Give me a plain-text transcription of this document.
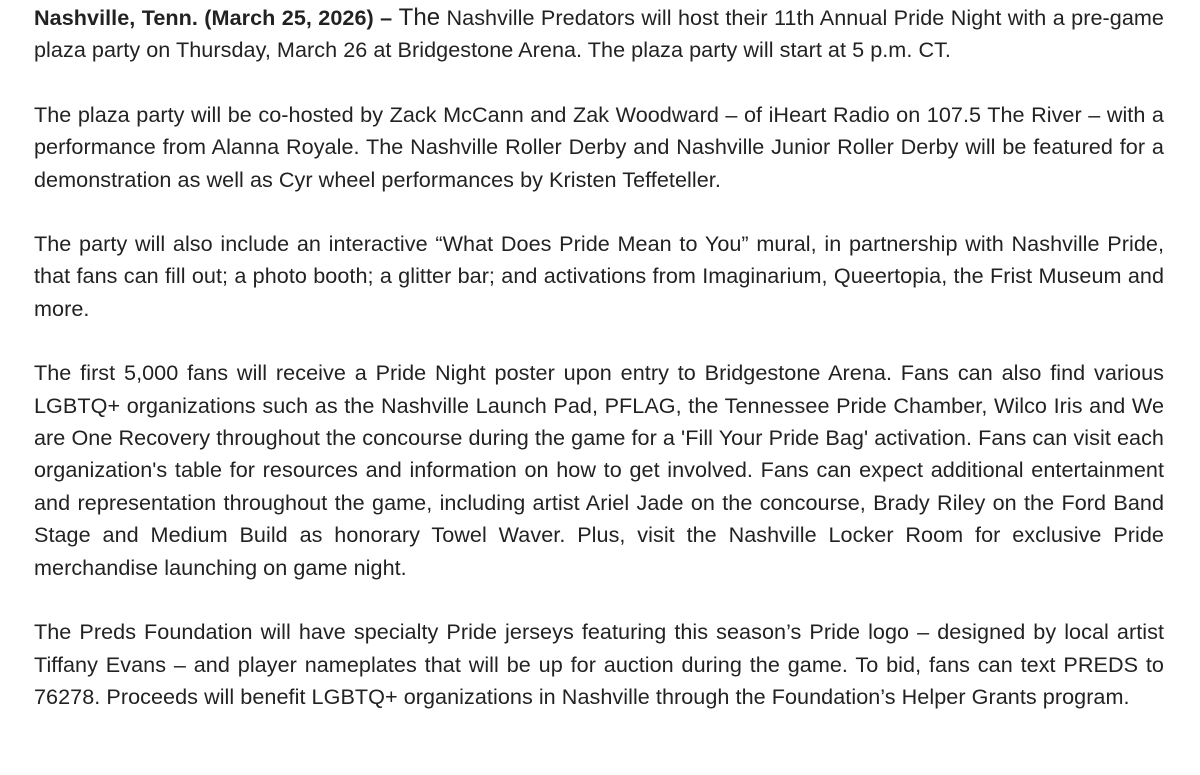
Nashville, Tenn. (March 25, 2026) – The Nashville Predators will host their 11th Annual Pride Night with a pre-game plaza party on Thursday, March 26 at Bridgestone Arena. The plaza party will start at 5 p.m. CT.

The plaza party will be co-hosted by Zack McCann and Zak Woodward – of iHeart Radio on 107.5 The River – with a performance from Alanna Royale. The Nashville Roller Derby and Nashville Junior Roller Derby will be featured for a demonstration as well as Cyr wheel performances by Kristen Teffeteller.

The party will also include an interactive “What Does Pride Mean to You” mural, in partnership with Nashville Pride, that fans can fill out; a photo booth; a glitter bar; and activations from Imaginarium, Queertopia, the Frist Museum and more.

The first 5,000 fans will receive a Pride Night poster upon entry to Bridgestone Arena. Fans can also find various LGBTQ+ organizations such as the Nashville Launch Pad, PFLAG, the Tennessee Pride Chamber, Wilco Iris and We are One Recovery throughout the concourse during the game for a 'Fill Your Pride Bag' activation. Fans can visit each organization's table for resources and information on how to get involved. Fans can expect additional entertainment and representation throughout the game, including artist Ariel Jade on the concourse, Brady Riley on the Ford Band Stage and Medium Build as honorary Towel Waver. Plus, visit the Nashville Locker Room for exclusive Pride merchandise launching on game night.

The Preds Foundation will have specialty Pride jerseys featuring this season’s Pride logo – designed by local artist Tiffany Evans – and player nameplates that will be up for auction during the game. To bid, fans can text PREDS to 76278. Proceeds will benefit LGBTQ+ organizations in Nashville through the Foundation’s Helper Grants program.
